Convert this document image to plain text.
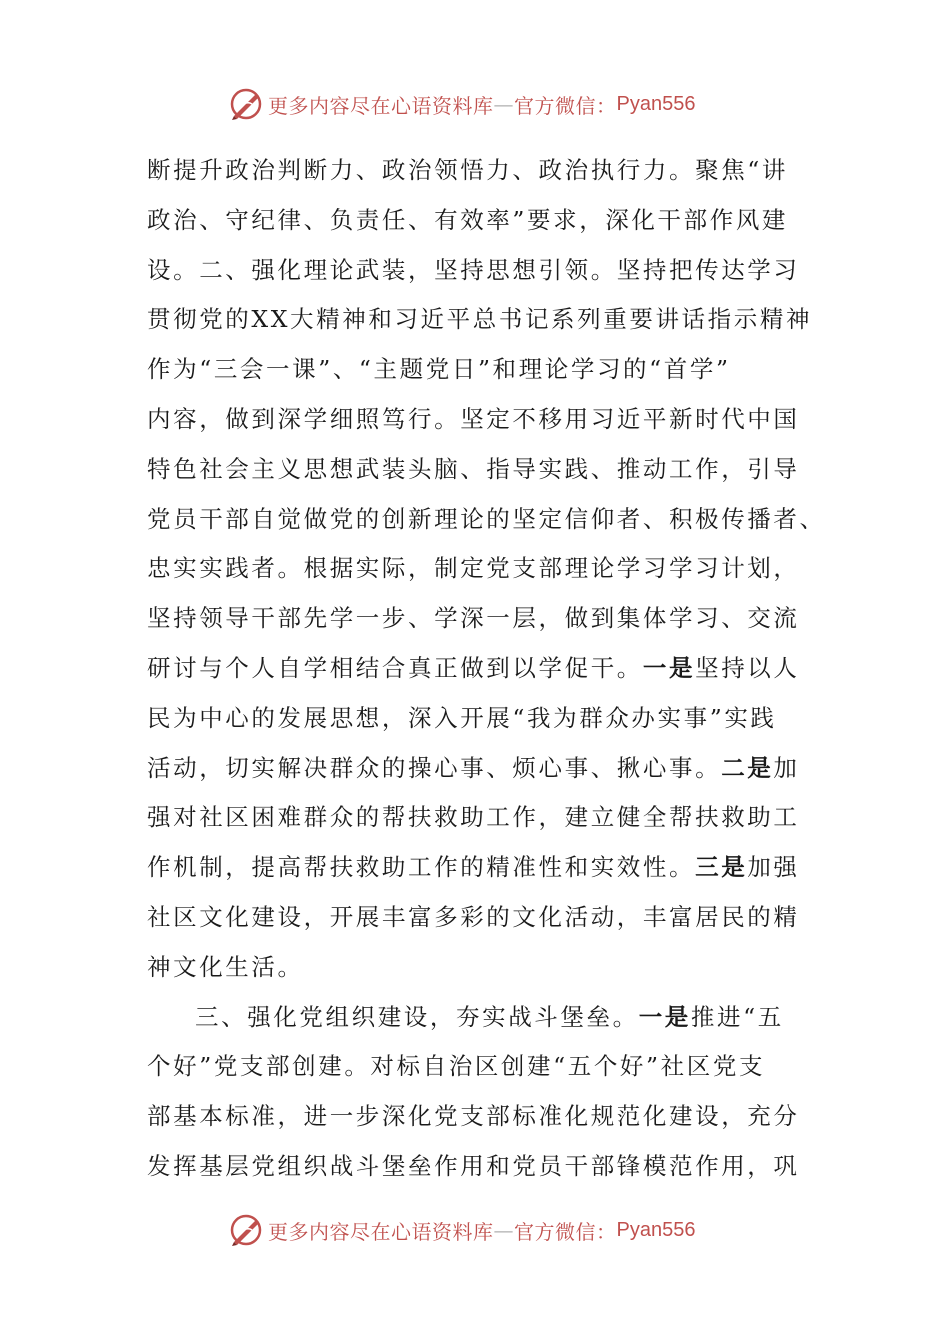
更多内容尽在心语资料库 — 官方微信： Pyan556
断提升政治判断力、政治领悟力、政治执行力。聚焦“讲
政治、守纪律、负责任、有效率”要求，深化干部作风建
设。二、强化理论武装，坚持思想引领。坚持把传达学习
贯彻党的XX大精神和习近平总书记系列重要讲话指示精神
作为“三会一课”、“主题党日”和理论学习的“首学”
内容，做到深学细照笃行。坚定不移用习近平新时代中国
特色社会主义思想武装头脑、指导实践、推动工作，引导
党员干部自觉做党的创新理论的坚定信仰者、积极传播者、
忠实实践者。根据实际，制定党支部理论学习学习计划，
坚持领导干部先学一步、学深一层，做到集体学习、交流
研讨与个人自学相结合真正做到以学促干。一是坚持以人
民为中心的发展思想，深入开展“我为群众办实事”实践
活动，切实解决群众的操心事、烦心事、揪心事。二是加
强对社区困难群众的帮扶救助工作，建立健全帮扶救助工
作机制，提高帮扶救助工作的精准性和实效性。三是加强
社区文化建设，开展丰富多彩的文化活动，丰富居民的精
神文化生活。
三、强化党组织建设，夯实战斗堡垒。一是推进“五
个好”党支部创建。对标自治区创建“五个好”社区党支
部基本标准，进一步深化党支部标准化规范化建设，充分
发挥基层党组织战斗堡垒作用和党员干部锋模范作用，巩
更多内容尽在心语资料库 — 官方微信： Pyan556
